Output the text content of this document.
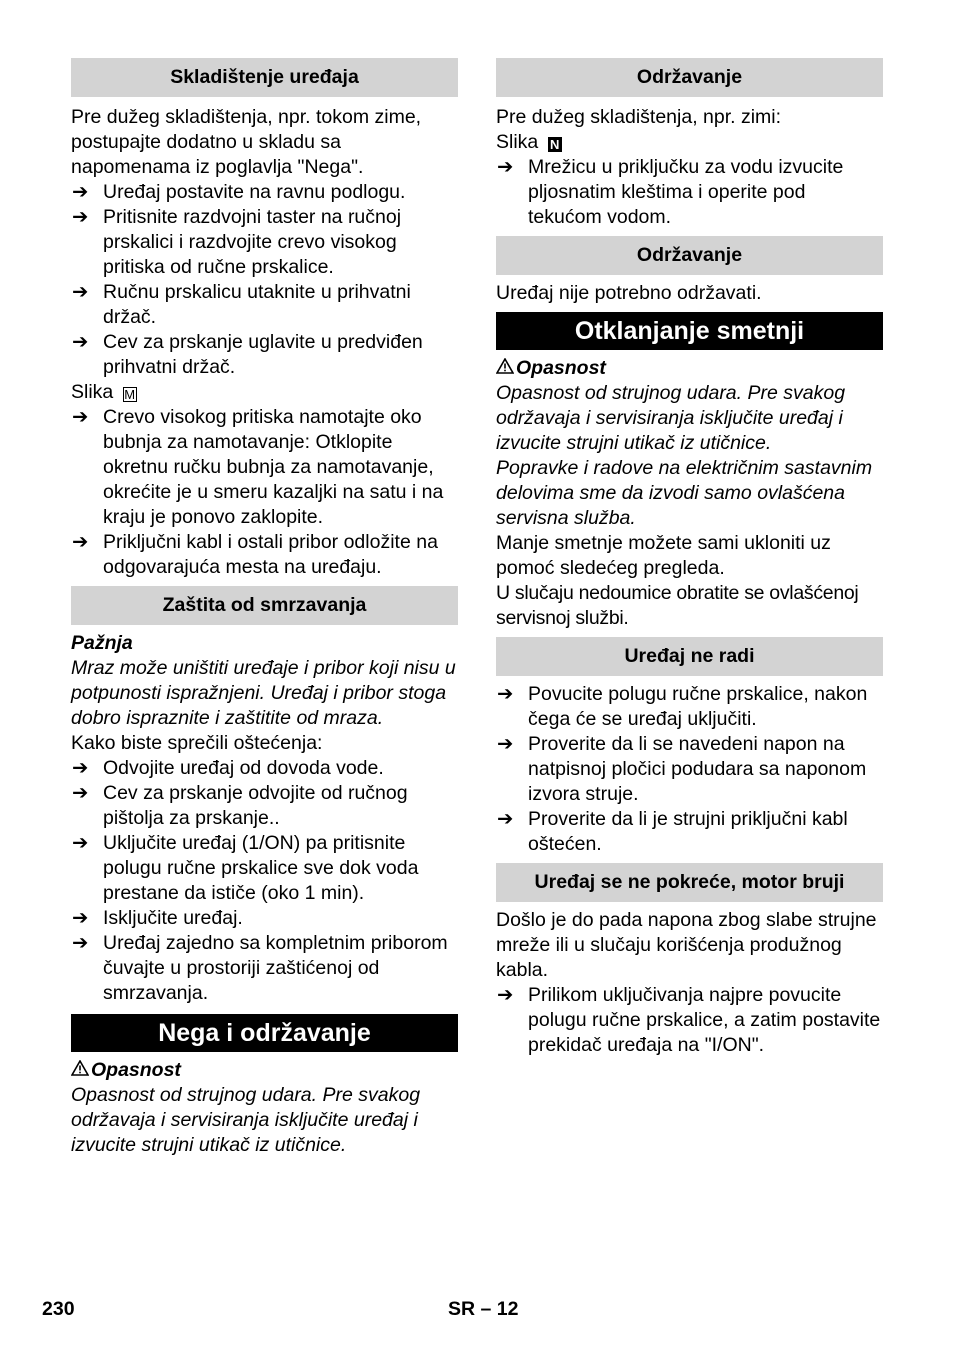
Skladištenje uređaja

Pre dužeg skladištenja, npr. tokom zime, postupajte dodatno u skladu sa napomenama iz poglavlja "Nega".

➔ Uređaj postavite na ravnu podlogu.
➔ Pritisnite razdvojni taster na ručnoj prskalici i razdvojite crevo visokog pritiska od ručne prskalice.
➔ Ručnu prskalicu utaknite u prihvatni držač.
➔ Cev za prskanje uglavite u predviđen prihvatni držač.

Slika M

➔ Crevo visokog pritiska namotajte oko bubnja za namotavanje: Otklopite okretnu ručku bubnja za namotavanje, okrećite je u smeru kazaljki na satu i na kraju je ponovo zaklopite.
➔ Priključni kabl i ostali pribor odložite na odgovarajuća mesta na uređaju.
Zaštita od smrzavanja

Pažnja

Mraz može uništiti uređaje i pribor koji nisu u potpunosti ispražnjeni. Uređaj i pribor stoga dobro ispraznite i zaštitite od mraza.

Kako biste sprečili oštećenja:

➔ Odvojite uređaj od dovoda vode.
➔ Cev za prskanje odvojite od ručnog pištolja za prskanje..
➔ Uključite uređaj (1/ON) pa pritisnite polugu ručne prskalice sve dok voda prestane da ističe (oko 1 min).
➔ Isključite uređaj.
➔ Uređaj zajedno sa kompletnim priborom čuvajte u prostoriji zaštićenoj od smrzavanja.
Nega i održavanje

Opasnost

Opasnost od strujnog udara. Pre svakog održavaja i servisiranja isključite uređaj i izvucite strujni utikač iz utičnice.

Održavanje

Pre dužeg skladištenja, npr. zimi:

Slika N

➔ Mrežicu u priključku za vodu izvucite pljosnatim kleštima i operite pod tekućom vodom.
Održavanje

Uređaj nije potrebno održavati.

Otklanjanje smetnji

Opasnost

Opasnost od strujnog udara. Pre svakog održavaja i servisiranja isključite uređaj i izvucite strujni utikač iz utičnice.

Popravke i radove na električnim sastavnim delovima sme da izvodi samo ovlašćena servisna služba.

Manje smetnje možete sami ukloniti uz pomoć sledećeg pregleda.

U slučaju nedoumice obratite se ovlašćenoj servisnoj službi.

Uređaj ne radi
➔ Povucite polugu ručne prskalice, nakon čega će se uređaj uključiti.
➔ Proverite da li se navedeni napon na natpisnoj pločici podudara sa naponom izvora struje.
➔ Proverite da li je strujni priključni kabl oštećen.
Uređaj se ne pokreće, motor bruji

Došlo je do pada napona zbog slabe strujne mreže ili u slučaju korišćenja produžnog kabla.

➔ Prilikom uključivanja najpre povucite polugu ručne prskalice, a zatim postavite prekidač uređaja na "I/ON".
230	SR – 12
